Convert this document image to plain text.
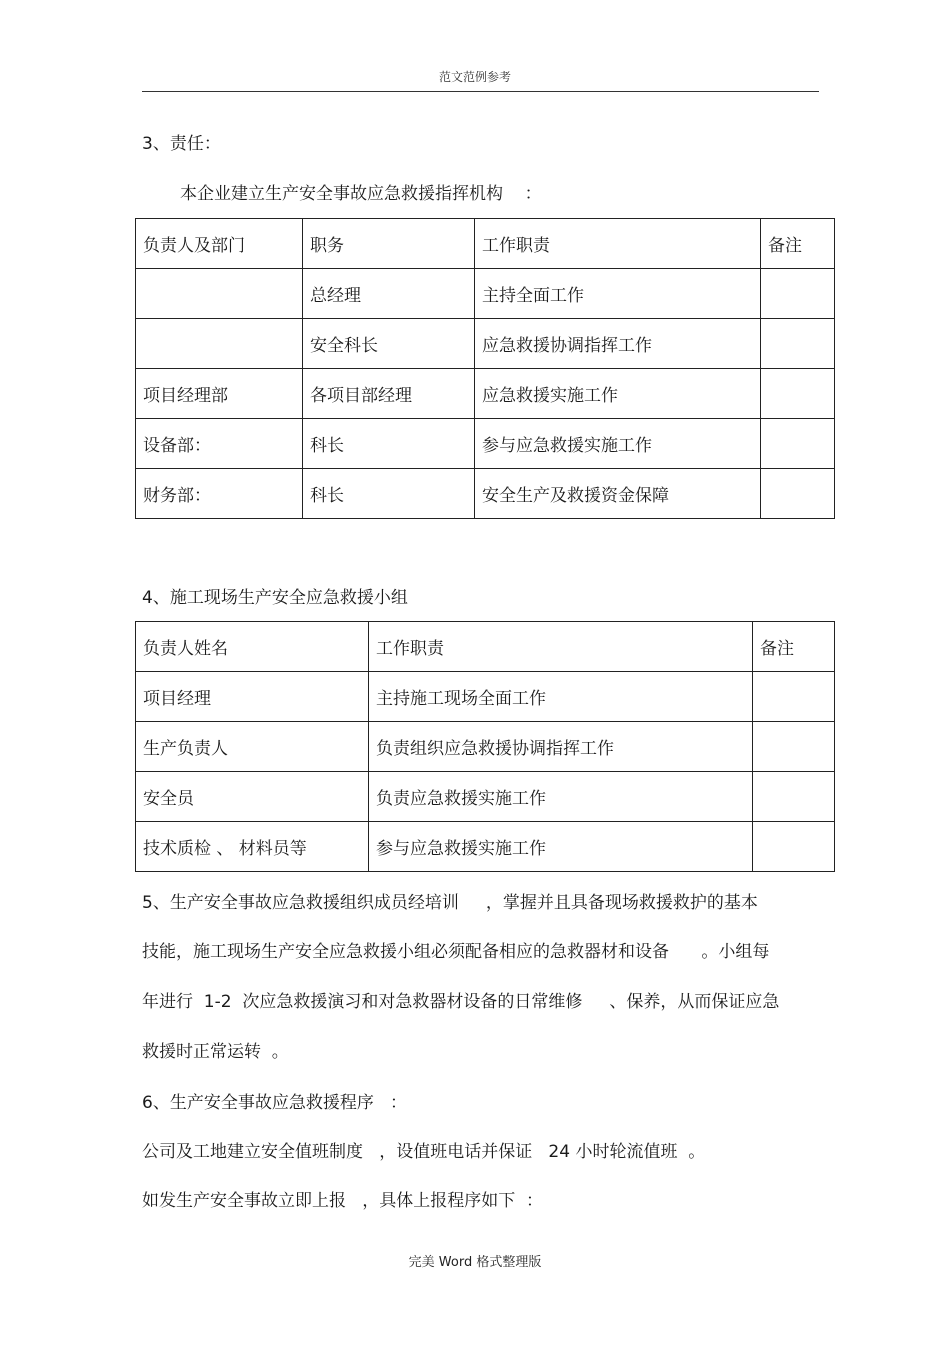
范文范例参考
3、责任：
本企业建立生产安全事故应急救援指挥机构    ：
负责人及部门	职务	工作职责	备注
	总经理	主持全面工作	
	安全科长	应急救援协调指挥工作	
项目经理部	各项目部经理	应急救援实施工作	
设备部：	科长	参与应急救援实施工作	
财务部：	科长	安全生产及救援资金保障	
4、施工现场生产安全应急救援小组
负责人姓名	工作职责	备注
项目经理	主持施工现场全面工作	
生产负责人	负责组织应急救援协调指挥工作	
安全员	负责应急救援实施工作	
技术质检 、 材料员等	参与应急救援实施工作	
5、生产安全事故应急救援组织成员经培训     ，掌握并且具备现场救援救护的基本
技能，施工现场生产安全应急救援小组必须配备相应的急救器材和设备      。小组每
年进行  1-2  次应急救援演习和对急救器材设备的日常维修     、保养，从而保证应急
救援时正常运转  。
6、生产安全事故应急救援程序   ：
公司及工地建立安全值班制度   ，设值班电话并保证   24 小时轮流值班  。
如发生产安全事故立即上报   ，具体上报程序如下  ：
完美 Word 格式整理版
